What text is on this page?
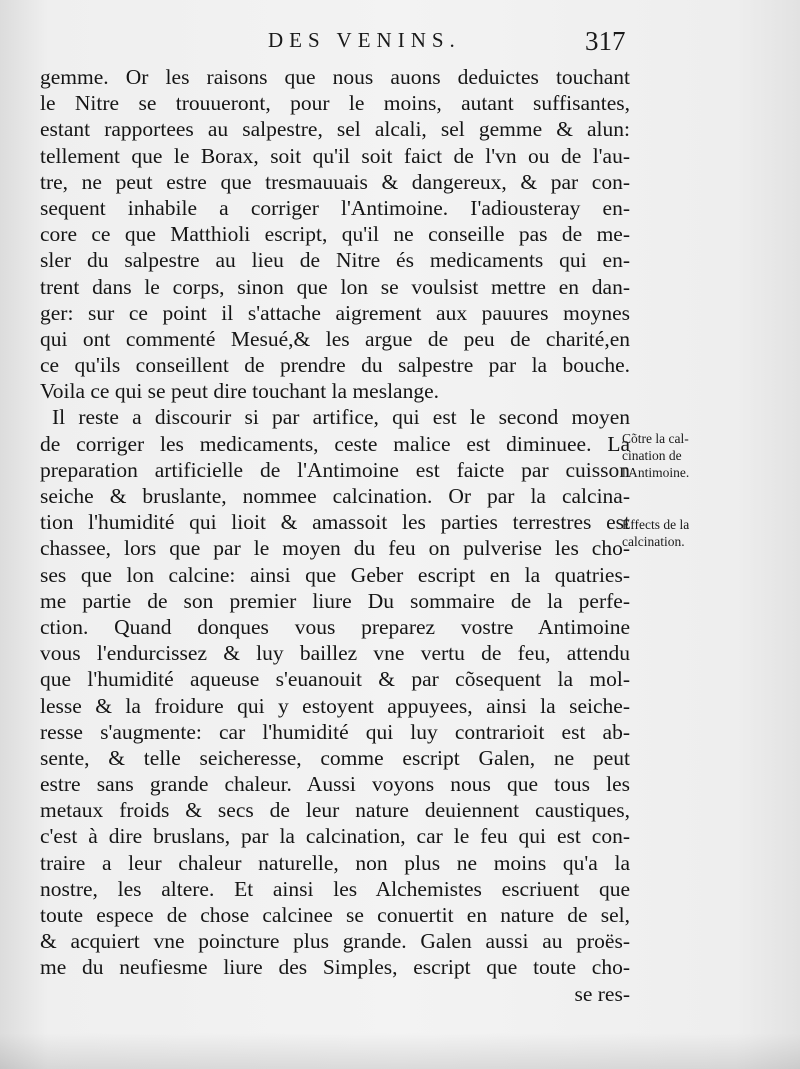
DES VENINS.	317
gemme. Or les raisons que nous auons deduictes touchant
le Nitre se trouueront, pour le moins, autant suffisantes,
estant rapportees au salpestre, sel alcali, sel gemme & alun:
tellement que le Borax, soit qu'il soit faict de l'vn ou de l'au-
tre, ne peut estre que tresmauuais & dangereux, & par con-
sequent inhabile a corriger l'Antimoine. I'adiousteray en-
core ce que Matthioli escript, qu'il ne conseille pas de me-
sler du salpestre au lieu de Nitre és medicaments qui en-
trent dans le corps, sinon que lon se voulsist mettre en dan-
ger: sur ce point il s'attache aigrement aux pauures moynes
qui ont commenté Mesué,& les argue de peu de charité,en
ce qu'ils conseillent de prendre du salpestre par la bouche.
Voila ce qui se peut dire touchant la meslange.
Il reste a discourir si par artifice, qui est le second moyen
de corriger les medicaments, ceste malice est diminuee. La
preparation artificielle de l'Antimoine est faicte par cuisson
seiche & bruslante, nommee calcination. Or par la calcina-
tion l'humidité qui lioit & amassoit les parties terrestres est
chassee, lors que par le moyen du feu on pulverise les cho-
ses que lon calcine: ainsi que Geber escript en la quatries-
me partie de son premier liure Du sommaire de la perfe-
ction. Quand donques vous preparez vostre Antimoine
vous l'endurcissez & luy baillez vne vertu de feu, attendu
que l'humidité aqueuse s'euanouit & par cõsequent la mol-
lesse & la froidure qui y estoyent appuyees, ainsi la seiche-
resse s'augmente: car l'humidité qui luy contrarioit est ab-
sente, & telle seicheresse, comme escript Galen, ne peut
estre sans grande chaleur. Aussi voyons nous que tous les
metaux froids & secs de leur nature deuiennent caustiques,
c'est à dire bruslans, par la calcination, car le feu qui est con-
traire a leur chaleur naturelle, non plus ne moins qu'a la
nostre, les altere. Et ainsi les Alchemistes escriuent que
toute espece de chose calcinee se conuertit en nature de sel,
& acquiert vne poincture plus grande. Galen aussi au proës-
me du neufiesme liure des Simples, escript que toute cho-
se res-
Cõtre la cal-
cination de
l'Antimoine.
Effects de la
calcination.
